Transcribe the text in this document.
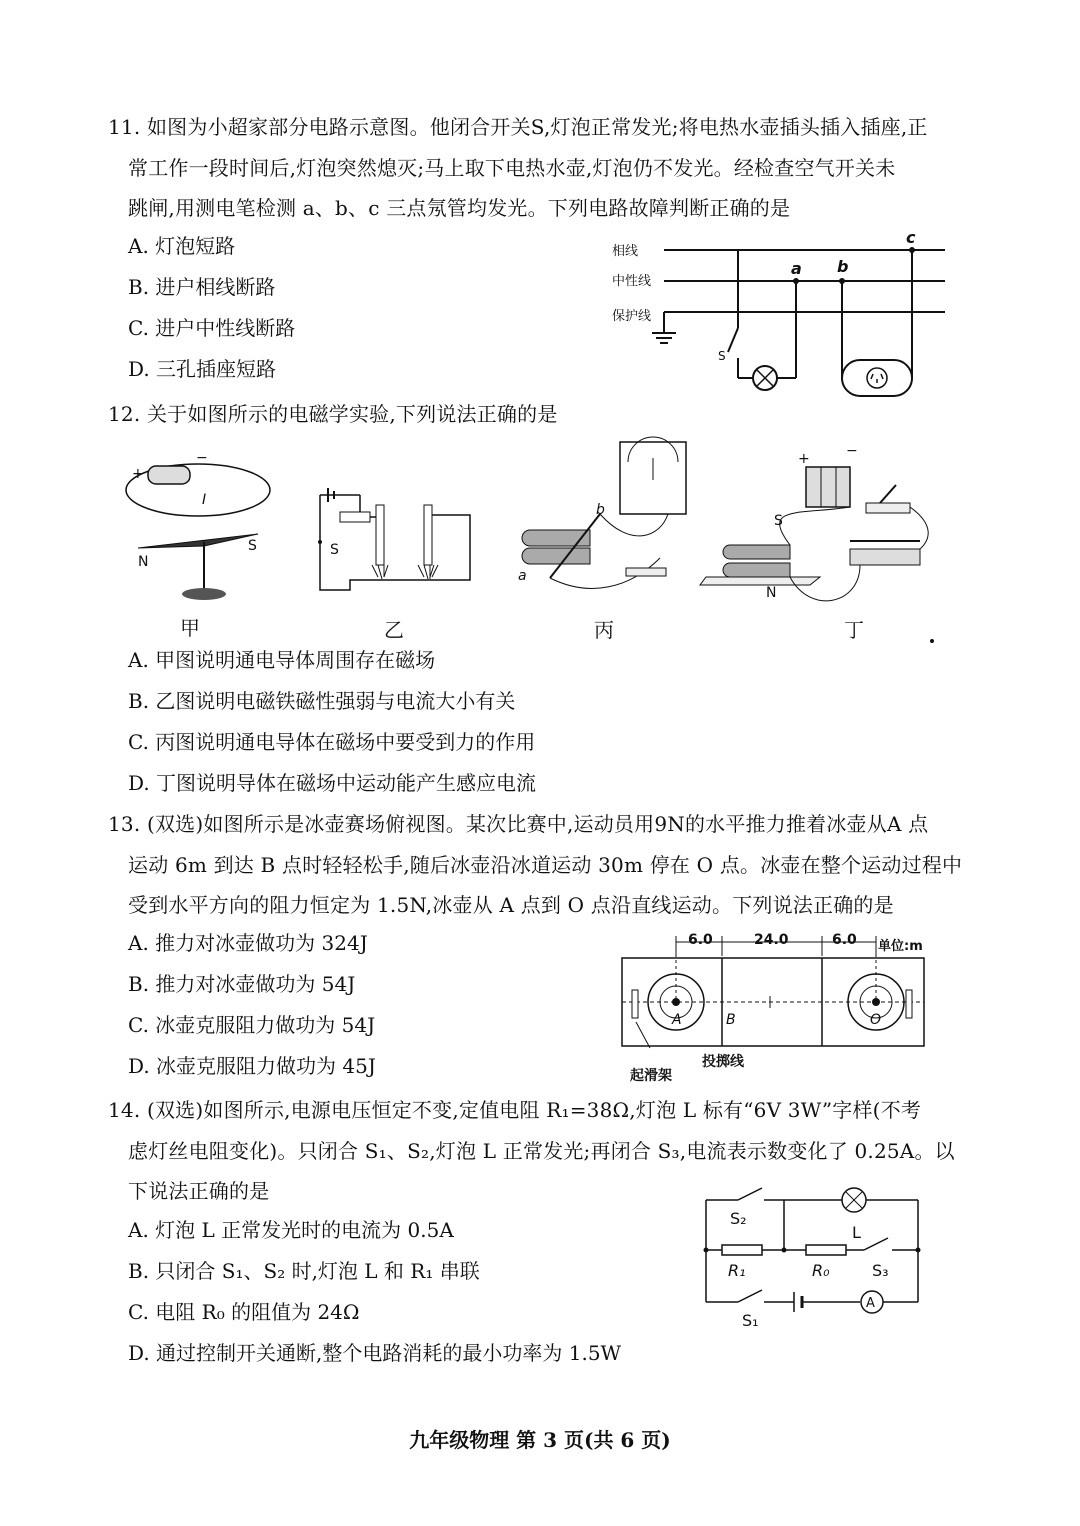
11. 如图为小超家部分电路示意图。他闭合开关S,灯泡正常发光;将电热水壶插头插入插座,正
常工作一段时间后,灯泡突然熄灭;马上取下电热水壶,灯泡仍不发光。经检查空气开关未
跳闸,用测电笔检测 a、b、c 三点氖管均发光。下列电路故障判断正确的是
A. 灯泡短路
B. 进户相线断路
C. 进户中性线断路
D. 三孔插座短路
相线
中性线
保护线
S
a b
c
12. 关于如图所示的电磁学实验,下列说法正确的是
+
−
I
N
S	S
b
a
+	−
S
N
甲	乙	丙	丁
A. 甲图说明通电导体周围存在磁场
B. 乙图说明电磁铁磁性强弱与电流大小有关
C. 丙图说明通电导体在磁场中要受到力的作用
D. 丁图说明导体在磁场中运动能产生感应电流
13. (双选)如图所示是冰壶赛场俯视图。某次比赛中,运动员用9N的水平推力推着冰壶从A 点
运动 6m 到达 B 点时轻轻松手,随后冰壶沿冰道运动 30m 停在 O 点。冰壶在整个运动过程中
受到水平方向的阻力恒定为 1.5N,冰壶从 A 点到 O 点沿直线运动。下列说法正确的是
A. 推力对冰壶做功为 324J
B. 推力对冰壶做功为 54J
C. 冰壶克服阻力做功为 54J
D. 冰壶克服阻力做功为 45J
6.0	24.0	6.0 单位:m
A	B	O
起滑架
投掷线
14. (双选)如图所示,电源电压恒定不变,定值电阻 R₁=38Ω,灯泡 L 标有“6V 3W”字样(不考
虑灯丝电阻变化)。只闭合 S₁、S₂,灯泡 L 正常发光;再闭合 S₃,电流表示数变化了 0.25A。以
下说法正确的是
A. 灯泡 L 正常发光时的电流为 0.5A
B. 只闭合 S₁、S₂ 时,灯泡 L 和 R₁ 串联
C. 电阻 R₀ 的阻值为 24Ω
D. 通过控制开关通断,整个电路消耗的最小功率为 1.5W
S₂
L
R₁	R₀	S₃
A
S₁
九年级物理 第 3 页(共 6 页)
